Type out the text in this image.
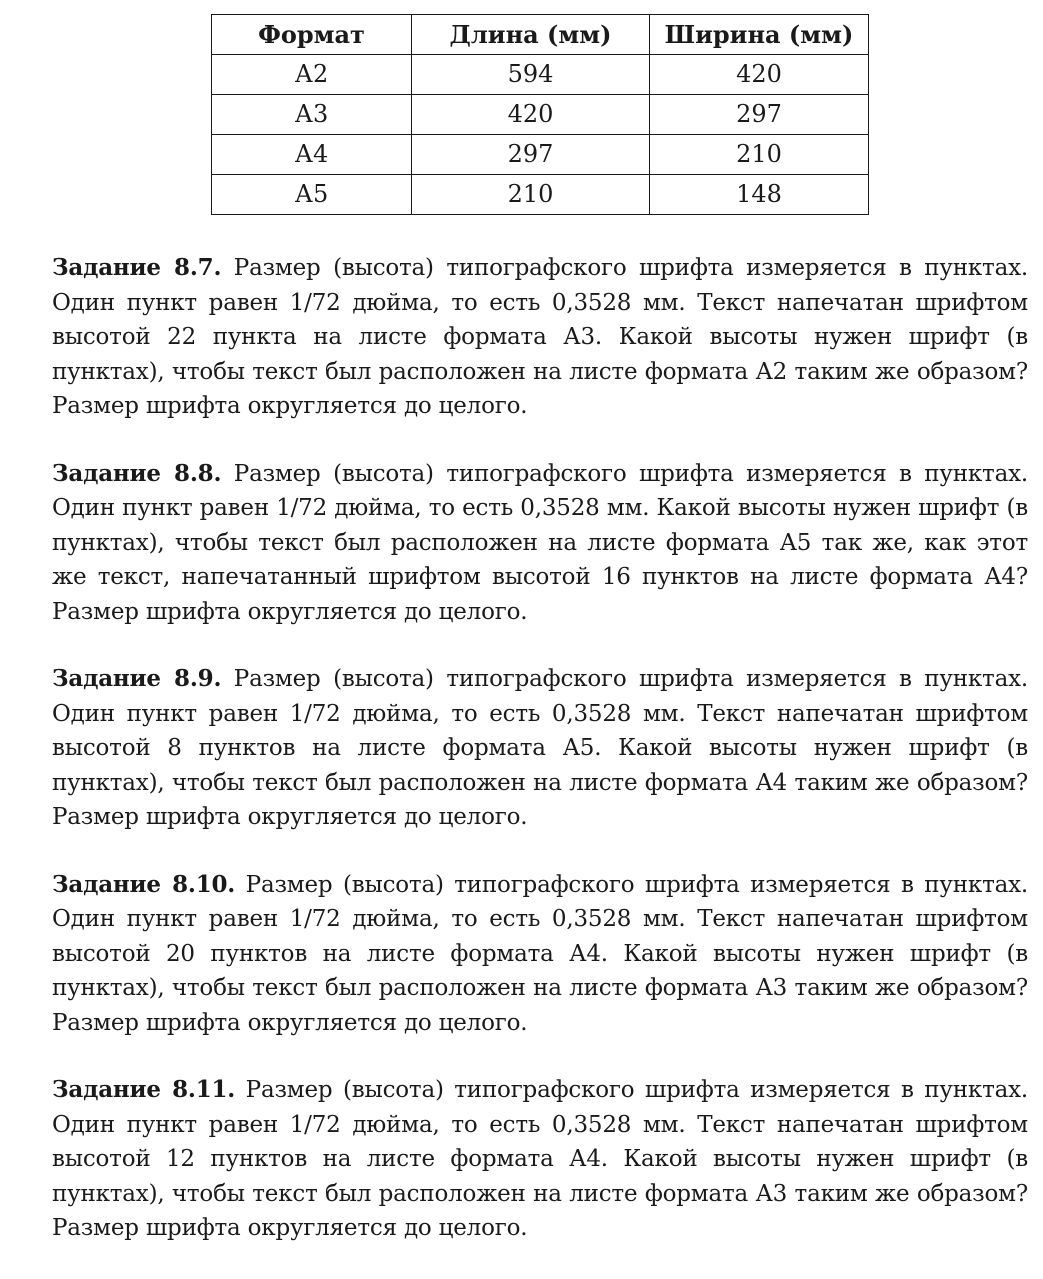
Формат	Длина (мм)	Ширина (мм)
А2	594	420
А3	420	297
А4	297	210
А5	210	148

Задание 8.7. Размер (высота) типографского шрифта измеряется в пунктах. Один пункт равен 1/72 дюйма, то есть 0,3528 мм. Текст напечатан шрифтом высотой 22 пункта на листе формата А3. Какой высоты нужен шрифт (в пунктах), чтобы текст был расположен на листе формата А2 таким же образом? Размер шрифта округляется до целого.

Задание 8.8. Размер (высота) типографского шрифта измеряется в пунктах. Один пункт равен 1/72 дюйма, то есть 0,3528 мм. Какой высоты нужен шрифт (в пунктах), чтобы текст был расположен на листе формата А5 так же, как этот же текст, напечатанный шрифтом высотой 16 пунктов на листе формата А4? Размер шрифта округляется до целого.

Задание 8.9. Размер (высота) типографского шрифта измеряется в пунктах. Один пункт равен 1/72 дюйма, то есть 0,3528 мм. Текст напечатан шрифтом высотой 8 пунктов на листе формата А5. Какой высоты нужен шрифт (в пунктах), чтобы текст был расположен на листе формата А4 таким же образом? Размер шрифта округляется до целого.

Задание 8.10. Размер (высота) типографского шрифта измеряется в пунктах. Один пункт равен 1/72 дюйма, то есть 0,3528 мм. Текст напечатан шрифтом высотой 20 пунктов на листе формата А4. Какой высоты нужен шрифт (в пунктах), чтобы текст был расположен на листе формата А3 таким же образом? Размер шрифта округляется до целого.

Задание 8.11. Размер (высота) типографского шрифта измеряется в пунктах. Один пункт равен 1/72 дюйма, то есть 0,3528 мм. Текст напечатан шрифтом высотой 12 пунктов на листе формата А4. Какой высоты нужен шрифт (в пунктах), чтобы текст был расположен на листе формата А3 таким же образом? Размер шрифта округляется до целого.
